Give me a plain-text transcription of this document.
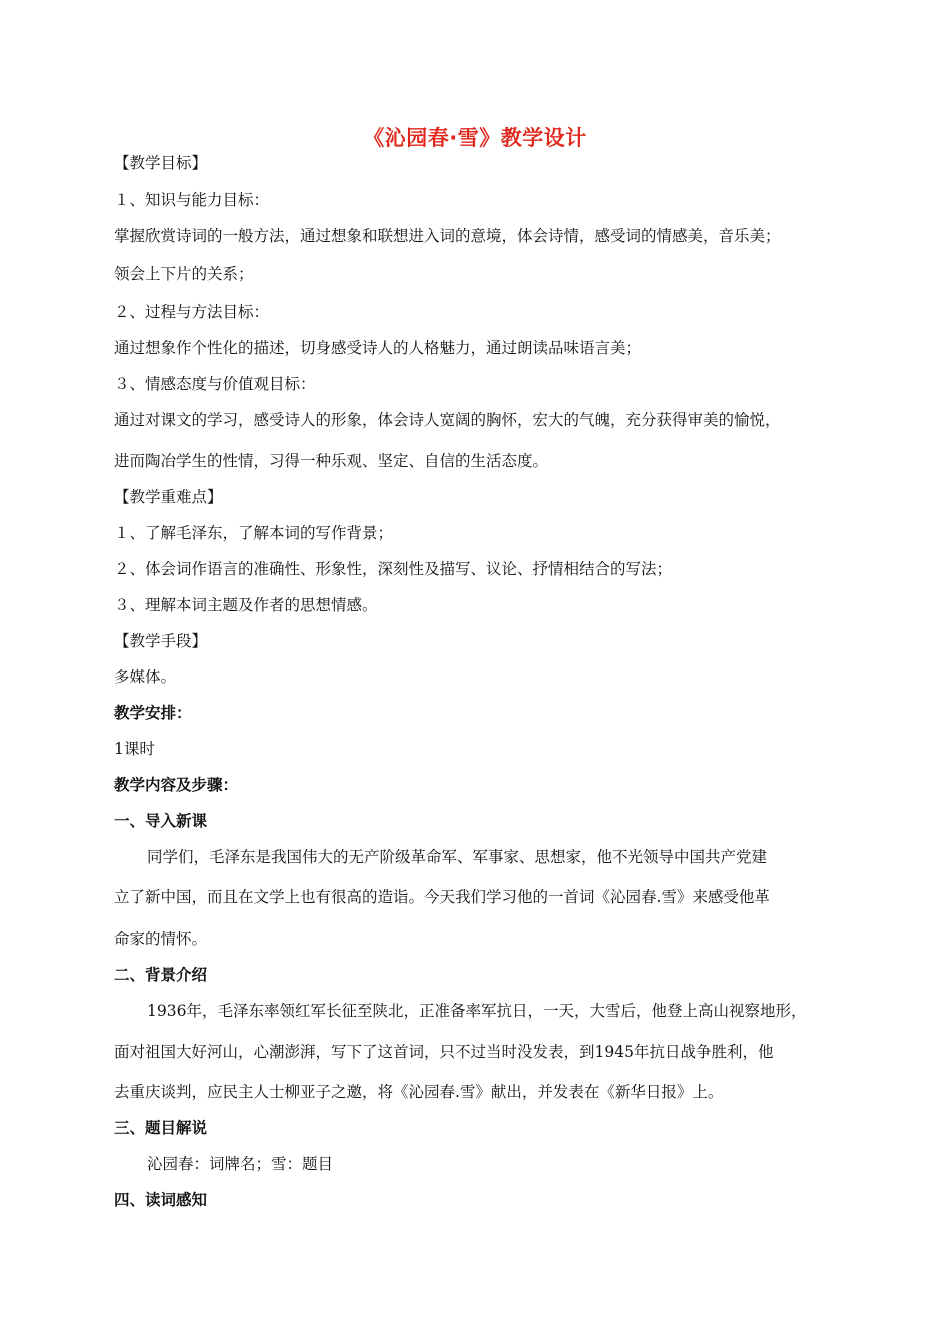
《沁园春·雪》教学设计
【教学目标】
１、知识与能力目标：
掌握欣赏诗词的一般方法，通过想象和联想进入词的意境，体会诗情，感受词的情感美，音乐美；
领会上下片的关系；
２、过程与方法目标：
通过想象作个性化的描述，切身感受诗人的人格魅力，通过朗读品味语言美；
３、情感态度与价值观目标：
通过对课文的学习，感受诗人的形象，体会诗人宽阔的胸怀，宏大的气魄，充分获得审美的愉悦，
进而陶冶学生的性情，习得一种乐观、坚定、自信的生活态度。
【教学重难点】
１、了解毛泽东，了解本词的写作背景；
２、体会词作语言的准确性、形象性，深刻性及描写、议论、抒情相结合的写法；
３、理解本词主题及作者的思想情感。
【教学手段】
多媒体。
教学安排：
1课时
教学内容及步骤：
一、导入新课
同学们，毛泽东是我国伟大的无产阶级革命军、军事家、思想家，他不光领导中国共产党建
立了新中国，而且在文学上也有很高的造诣。今天我们学习他的一首词《沁园春.雪》来感受他革
命家的情怀。
二、背景介绍
1936年，毛泽东率领红军长征至陕北，正准备率军抗日，一天，大雪后，他登上高山视察地形，
面对祖国大好河山，心潮澎湃，写下了这首词，只不过当时没发表，到1945年抗日战争胜利，他
去重庆谈判，应民主人士柳亚子之邀，将《沁园春.雪》献出，并发表在《新华日报》上。
三、题目解说
沁园春：词牌名；雪：题目
四、读词感知
